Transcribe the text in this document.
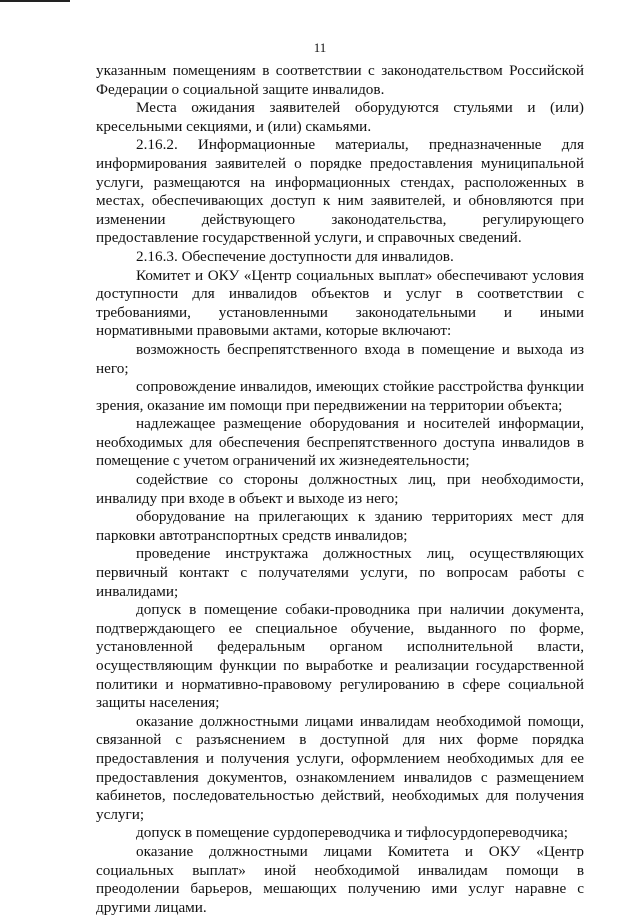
11

указанным помещениям в соответствии с законодательством Российской Федерации о социальной защите инвалидов.

Места ожидания заявителей оборудуются стульями и (или) кресельными секциями, и (или) скамьями.

2.16.2. Информационные материалы, предназначенные для информирования заявителей о порядке предоставления муниципальной услуги, размещаются на информационных стендах, расположенных в местах, обеспечивающих доступ к ним заявителей, и обновляются при изменении действующего законодательства, регулирующего предоставление государственной услуги, и справочных сведений.

2.16.3. Обеспечение доступности для инвалидов.

Комитет и ОКУ «Центр социальных выплат» обеспечивают условия доступности для инвалидов объектов и услуг в соответствии с требованиями, установленными законодательными и иными нормативными правовыми актами, которые включают:

возможность беспрепятственного входа в помещение и выхода из него;

сопровождение инвалидов, имеющих стойкие расстройства функции зрения, оказание им помощи при передвижении на территории объекта;

надлежащее размещение оборудования и носителей информации, необходимых для обеспечения беспрепятственного доступа инвалидов в помещение с учетом ограничений их жизнедеятельности;

содействие со стороны должностных лиц, при необходимости, инвалиду при входе в объект и выходе из него;

оборудование на прилегающих к зданию территориях мест для парковки автотранспортных средств инвалидов;

проведение инструктажа должностных лиц, осуществляющих первичный контакт с получателями услуги, по вопросам работы с инвалидами;

допуск в помещение собаки-проводника при наличии документа, подтверждающего ее специальное обучение, выданного по форме, установленной федеральным органом исполнительной власти, осуществляющим функции по выработке и реализации государственной политики и нормативно-правовому регулированию в сфере социальной защиты населения;

оказание должностными лицами инвалидам необходимой помощи, связанной с разъяснением в доступной для них форме порядка предоставления и получения услуги, оформлением необходимых для ее предоставления документов, ознакомлением инвалидов с размещением кабинетов, последовательностью действий, необходимых для получения услуги;

допуск в помещение сурдопереводчика и тифлосурдопереводчика;

оказание должностными лицами Комитета и ОКУ «Центр социальных выплат» иной необходимой инвалидам помощи в преодолении барьеров, мешающих получению ими услуг наравне с другими лицами.
